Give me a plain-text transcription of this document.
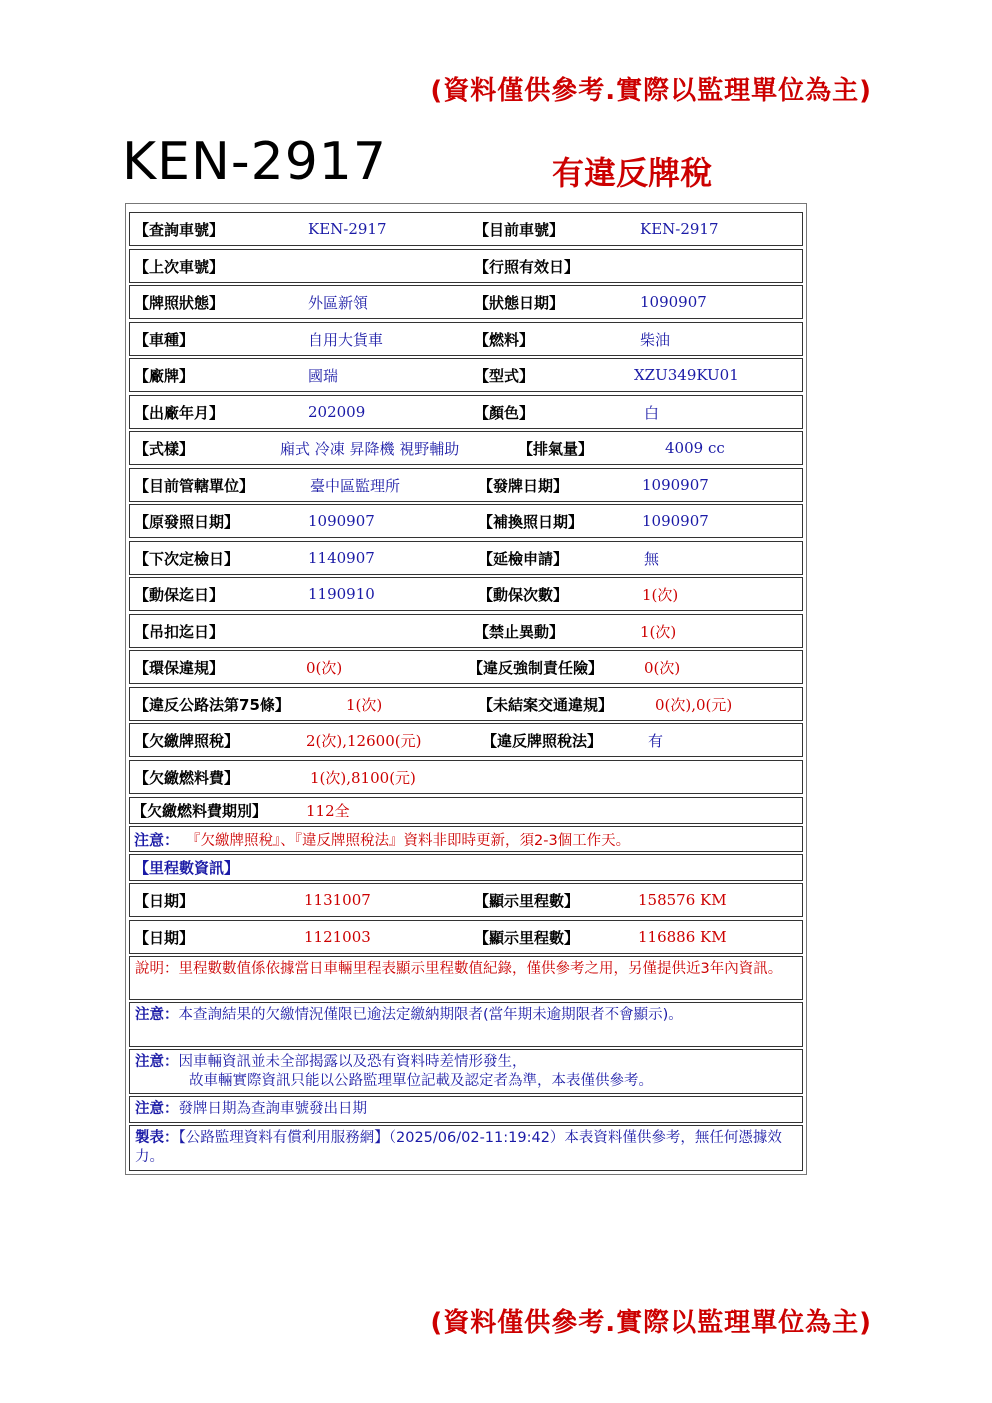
(資料僅供參考.實際以監理單位為主)
KEN-2917	有違反牌稅
【查詢車號】	KEN-2917	【目前車號】	KEN-2917
【上次車號】	【行照有效日】
【牌照狀態】	外區新領	【狀態日期】	1090907
【車種】	自用大貨車	【燃料】	柴油
【廠牌】	國瑞	【型式】	XZU349KU01
【出廠年月】	202009	【顏色】	白
【式樣】	廂式 冷凍 昇降機 視野輔助	【排氣量】	4009 cc
【目前管轄單位】	臺中區監理所	【發牌日期】	1090907
【原發照日期】	1090907	【補換照日期】	1090907
【下次定檢日】	1140907	【延檢申請】	無
【動保迄日】	1190910	【動保次數】	1(次)
【吊扣迄日】	【禁止異動】	1(次)
【環保違規】	0(次)	【違反強制責任險】	0(次)
【違反公路法第75條】	1(次)	【未結案交通違規】	0(次),0(元)
【欠繳牌照稅】	2(次),12600(元)	【違反牌照稅法】	有
【欠繳燃料費】	1(次),8100(元)
【欠繳燃料費期別】	112全
注意： 『欠繳牌照稅』、『違反牌照稅法』資料非即時更新，須2-3個工作天。
【里程數資訊】
【日期】	1131007	【顯示里程數】	158576 KM
【日期】	1121003	【顯示里程數】	116886 KM
說明：里程數數值係依據當日車輛里程表顯示里程數值紀錄，僅供參考之用，另僅提供近3年內資訊。
注意：本查詢結果的欠繳情況僅限已逾法定繳納期限者(當年期未逾期限者不會顯示)。
注意：因車輛資訊並未全部揭露以及恐有資料時差情形發生，
故車輛實際資訊只能以公路監理單位記載及認定者為準，本表僅供參考。
注意：發牌日期為查詢車號發出日期
製表：【公路監理資料有償利用服務網】（2025/06/02-11:19:42）本表資料僅供參考，無任何憑據效力。
(資料僅供參考.實際以監理單位為主)
